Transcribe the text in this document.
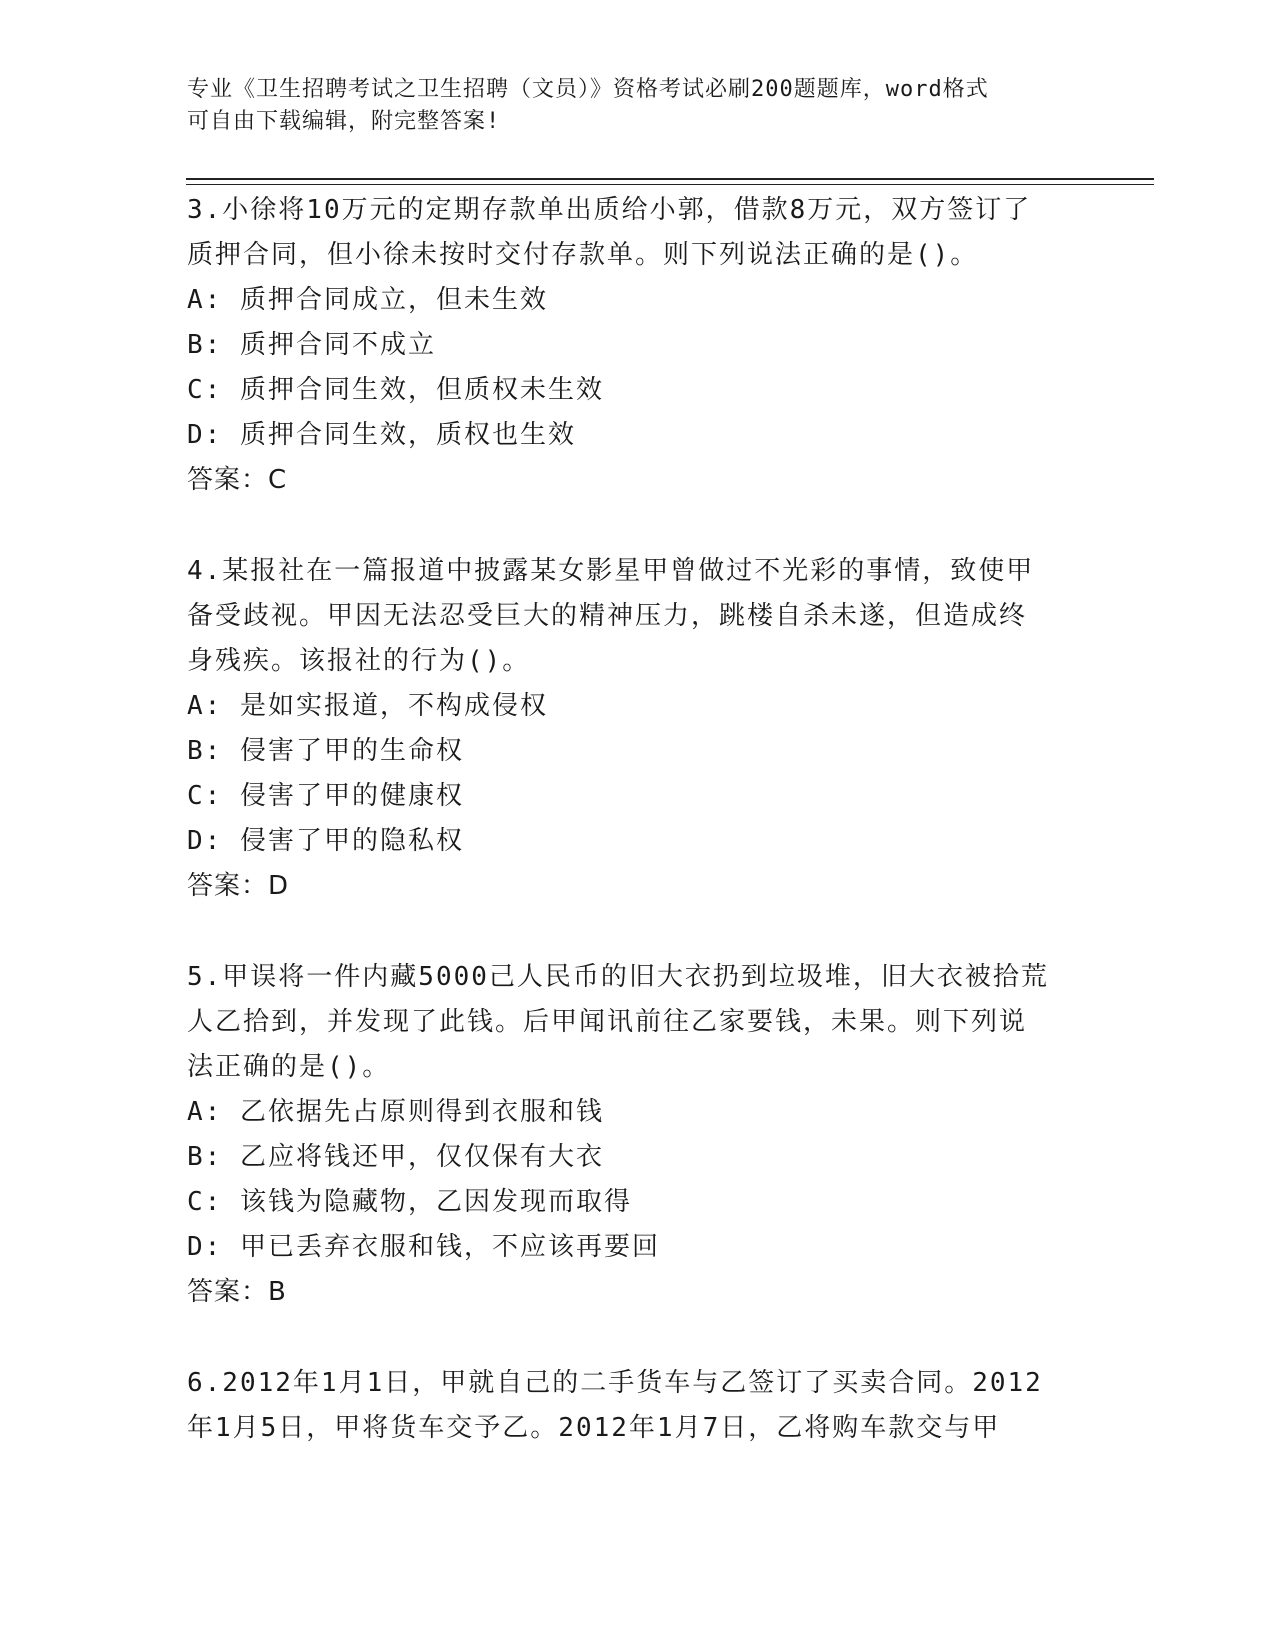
专业《卫生招聘考试之卫生招聘（文员）》资格考试必刷200题题库，word格式
可自由下载编辑，附完整答案!
3.小徐将10万元的定期存款单出质给小郭，借款8万元，双方签订了
质押合同，但小徐未按时交付存款单。则下列说法正确的是()。
A: 质押合同成立，但未生效
B: 质押合同不成立
C: 质押合同生效，但质权未生效
D: 质押合同生效，质权也生效
答案：C
4.某报社在一篇报道中披露某女影星甲曾做过不光彩的事情，致使甲
备受歧视。甲因无法忍受巨大的精神压力，跳楼自杀未遂，但造成终
身残疾。该报社的行为()。
A: 是如实报道，不构成侵权
B: 侵害了甲的生命权
C: 侵害了甲的健康权
D: 侵害了甲的隐私权
答案：D
5.甲误将一件内藏5000己人民币的旧大衣扔到垃圾堆，旧大衣被拾荒
人乙拾到，并发现了此钱。后甲闻讯前往乙家要钱，未果。则下列说
法正确的是()。
A: 乙依据先占原则得到衣服和钱
B: 乙应将钱还甲，仅仅保有大衣
C: 该钱为隐藏物，乙因发现而取得
D: 甲已丢弃衣服和钱，不应该再要回
答案：B
6.2012年1月1日，甲就自己的二手货车与乙签订了买卖合同。2012
年1月5日，甲将货车交予乙。2012年1月7日，乙将购车款交与甲
